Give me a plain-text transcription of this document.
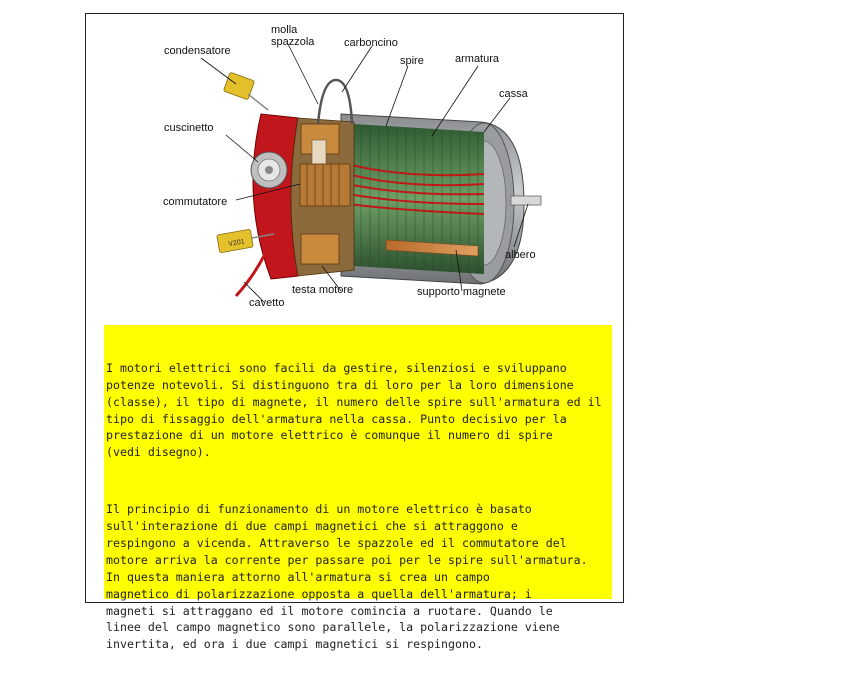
V201
condensatore
molla
spazzola	carboncino
spire	armatura
cassa
cuscinetto
commutatore
albero
testa motore	supporto magnete
cavetto

I motori elettrici sono facili da gestire, silenziosi e sviluppano
potenze notevoli. Si distinguono tra di loro per la loro dimensione
(classe), il tipo di magnete, il numero delle spire sull'armatura ed il
tipo di fissaggio dell'armatura nella cassa. Punto decisivo per la
prestazione di un motore elettrico è comunque il numero di spire
(vedi disegno).

Il principio di funzionamento di un motore elettrico è basato
sull'interazione di due campi magnetici che si attraggono e
respingono a vicenda. Attraverso le spazzole ed il commutatore del
motore arriva la corrente per passare poi per le spire sull'armatura.
In questa maniera attorno all'armatura si crea un campo
magnetico di polarizzazione opposta a quella dell'armatura; i
magneti si attraggano ed il motore comincia a ruotare. Quando le
linee del campo magnetico sono parallele, la polarizzazione viene
invertita, ed ora i due campi magnetici si respingono.
